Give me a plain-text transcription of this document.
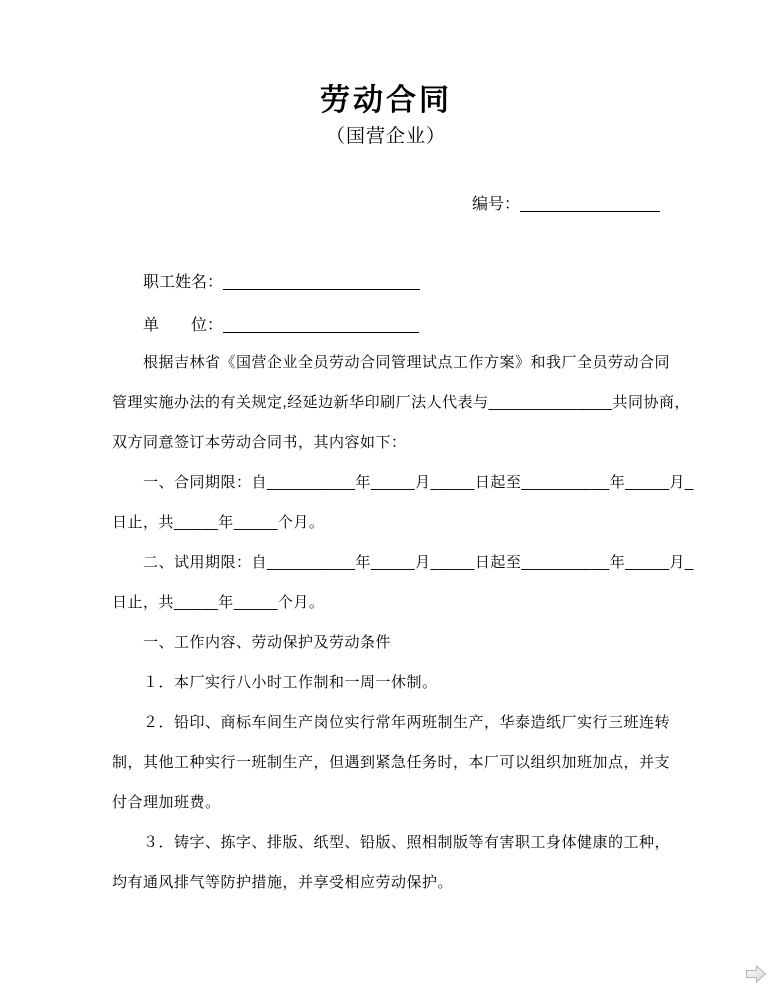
劳动合同
（国营企业）
编号：
职工姓名：
单　　位：
根据吉林省《国营企业全员劳动合同管理试点工作方案》和我厂全员劳动合同
管理实施办法的有关规定,经延边新华印刷厂法人代表与______________共同协商，
双方同意签订本劳动合同书，其内容如下：
一、合同期限：自__________年_____月_____日起至__________年_____月_
日止，共_____年_____个月。
二、试用期限：自__________年_____月_____日起至__________年_____月_
日止，共_____年_____个月。
一、工作内容、劳动保护及劳动条件
１．本厂实行八小时工作制和一周一休制。
２．铅印、商标车间生产岗位实行常年两班制生产，华泰造纸厂实行三班连转
制，其他工种实行一班制生产，但遇到紧急任务时，本厂可以组织加班加点，并支
付合理加班费。
３．铸字、拣字、排版、纸型、铅版、照相制版等有害职工身体健康的工种，
均有通风排气等防护措施，并享受相应劳动保护。
